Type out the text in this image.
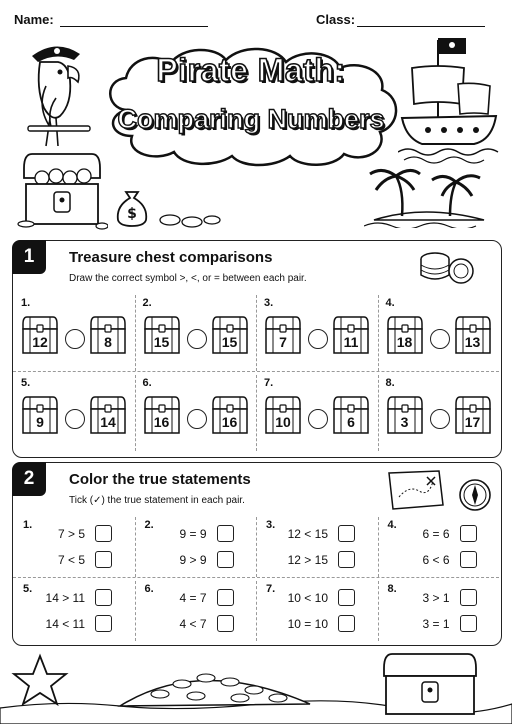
Name:	Class:
Pirate Math:
Comparing Numbers
$
1	Treasure chest comparisons
Draw the correct symbol >, <, or = between each pair.
1.
12	8
2.
15	15
3.
7	11
4.
18	13
5.
9	14
6.
16	16
7.
10	6
8.
3	17
2	Color the true statements
Tick (✓) the true statement in each pair.
1.
7 > 5
7 < 5
2.
9 = 9
9 > 9
3.
12 < 15
12 > 15
4.
6 = 6
6 < 6
5.
14 > 11
14 < 11
6.
4 = 7
4 < 7
7.
10 < 10
10 = 10
8.
3 > 1
3 = 1
